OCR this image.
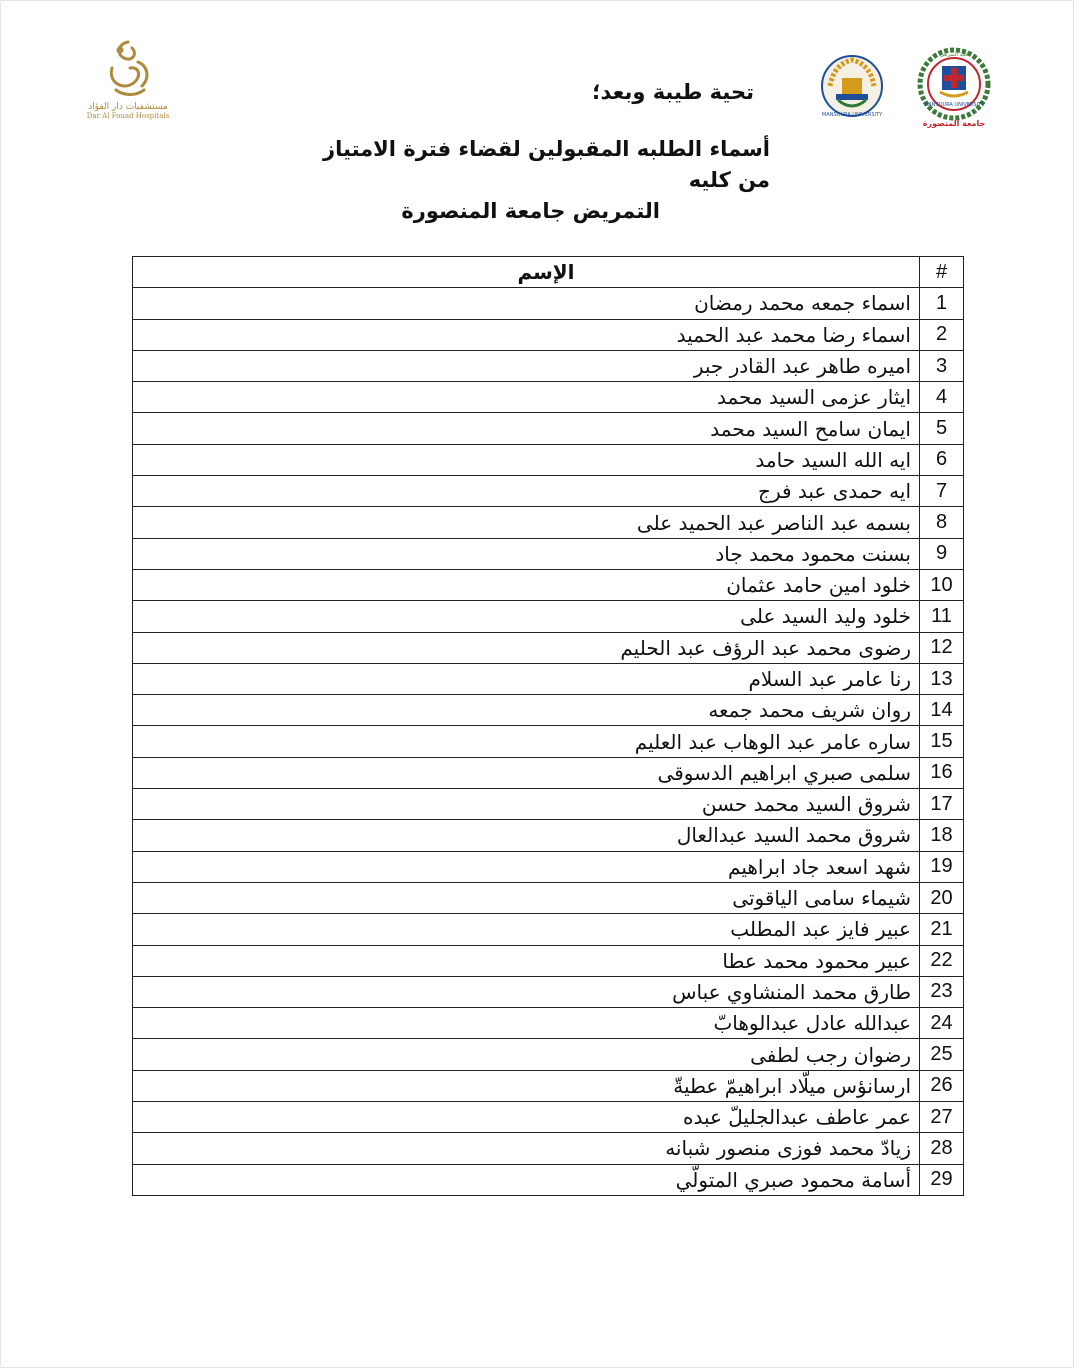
مستشفيات دار الفؤاد
Dar Al Fouad Hospitals	MANSOURA UNIVERSITY
MANSOURA UNIVERSITY
جامعة المنصورة
كلية التمريض
تحية طيبة وبعد؛
أسماء الطلبه المقبولين لقضاء فترة الامتياز من كليه
التمريض جامعة المنصورة
#	الإسم
1	اسماء جمعه محمد رمضان
2	اسماء رضا محمد عبد الحميد
3	اميره طاهر عبد القادر جبر
4	ايثار عزمى السيد محمد
5	ايمان سامح السيد محمد
6	ايه الله السيد حامد
7	ايه حمدى عبد فرج
8	بسمه عبد الناصر عبد الحميد على
9	بسنت محمود محمد جاد
10	خلود امين حامد عثمان
11	خلود وليد السيد على
12	رضوى محمد عبد الرؤف عبد الحليم
13	رنا عامر عبد السلام
14	روان شريف محمد جمعه
15	ساره عامر عبد الوهاب عبد العليم
16	سلمى صبري ابراهيم الدسوقى
17	شروق السيد محمد حسن
18	شروق محمد السيد عبدالعال
19	شهد اسعد جاد ابراهيم
20	شيماء سامى الياقوتى
21	عبير فايز عبد المطلب
22	عبير محمود محمد عطا
23	طارق محمد المنشاوي عباس
24	عبدالله عادل عبدالوهابّ
25	رضوان رجب لطفى
26	ارسانؤس ميلّاد ابراهيمّ عطيةّ
27	عمر عاطف عبدالجليلّ عبده
28	زيادّ محمد فوزى منصور شبانه
29	أسامة محمود صبري المتولّي
